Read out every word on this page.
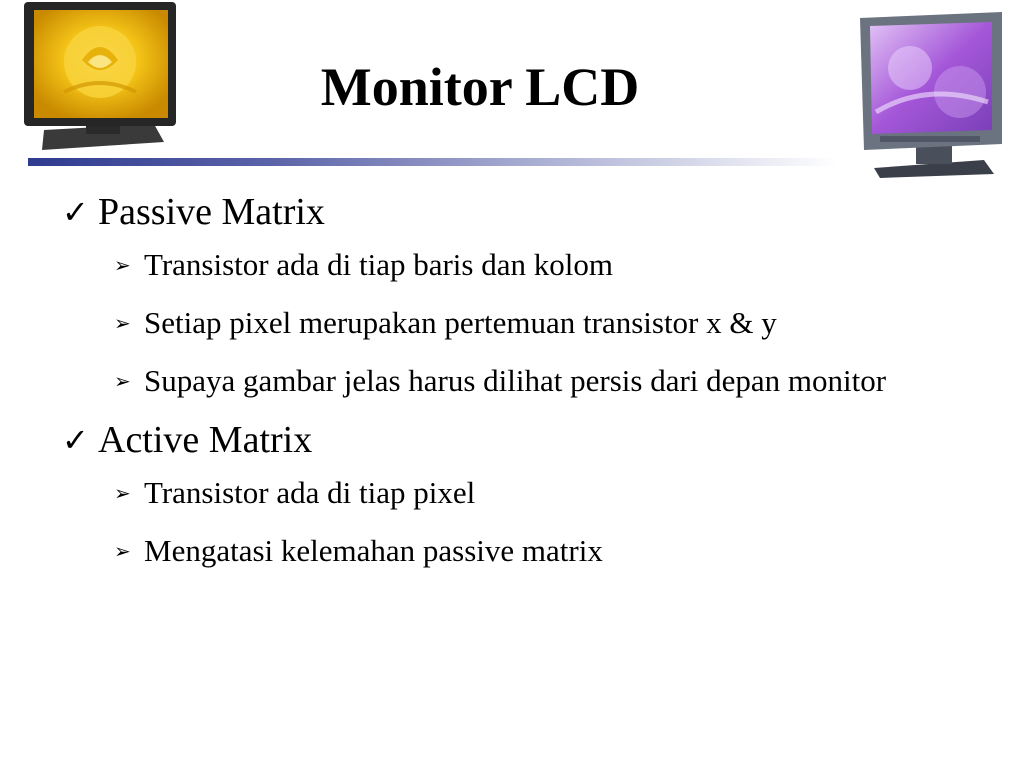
Monitor LCD
✓ Passive Matrix
➢ Transistor ada di tiap baris dan kolom
➢ Setiap pixel merupakan pertemuan transistor x & y
➢ Supaya gambar jelas harus dilihat persis dari depan monitor
✓ Active Matrix
➢ Transistor ada di tiap pixel
➢ Mengatasi kelemahan passive matrix
